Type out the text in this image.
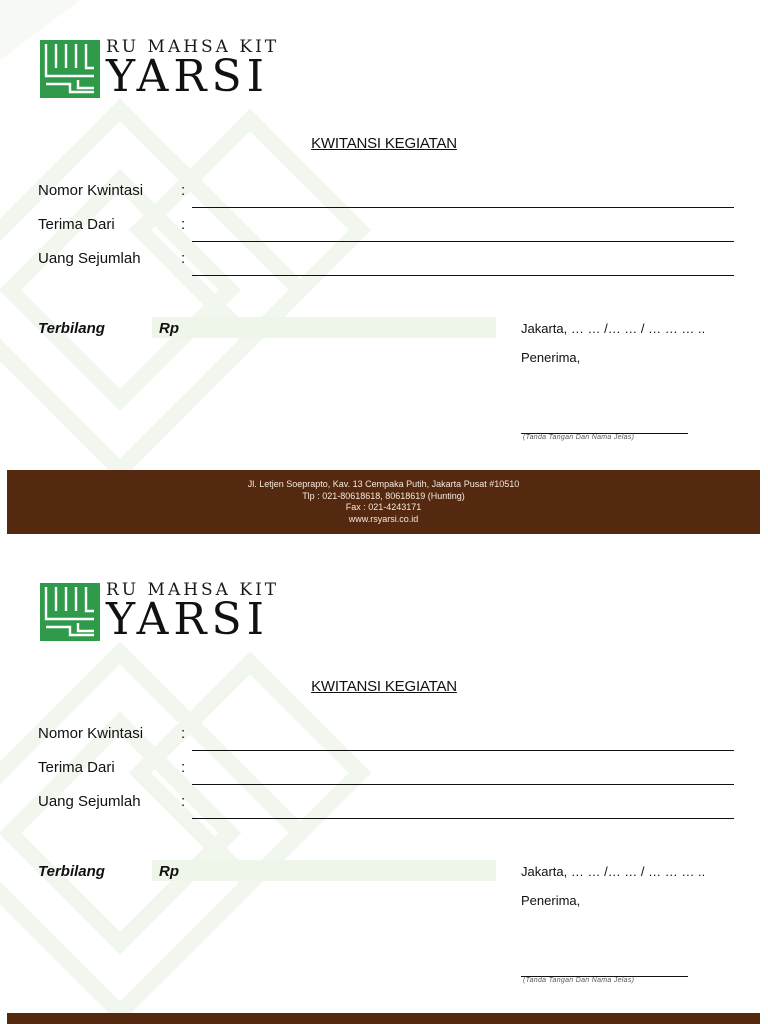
RU MAHSA KIT
YARSI
KWITANSI KEGIATAN
Nomor Kwintasi	:
Terima Dari	:
Uang Sejumlah	:
Terbilang	Rp	Jakarta, … … /… … / … … … ..
Penerima,
(Tanda Tangan Dan Nama Jelas)
Jl. Letjen Soeprapto, Kav. 13 Cempaka Putih, Jakarta Pusat #10510
Tlp : 021-80618618, 80618619 (Hunting)
Fax : 021-4243171
www.rsyarsi.co.id
RU MAHSA KIT
YARSI
KWITANSI KEGIATAN
Nomor Kwintasi	:
Terima Dari	:
Uang Sejumlah	:
Terbilang	Rp	Jakarta, … … /… … / … … … ..
Penerima,
(Tanda Tangan Dan Nama Jelas)
